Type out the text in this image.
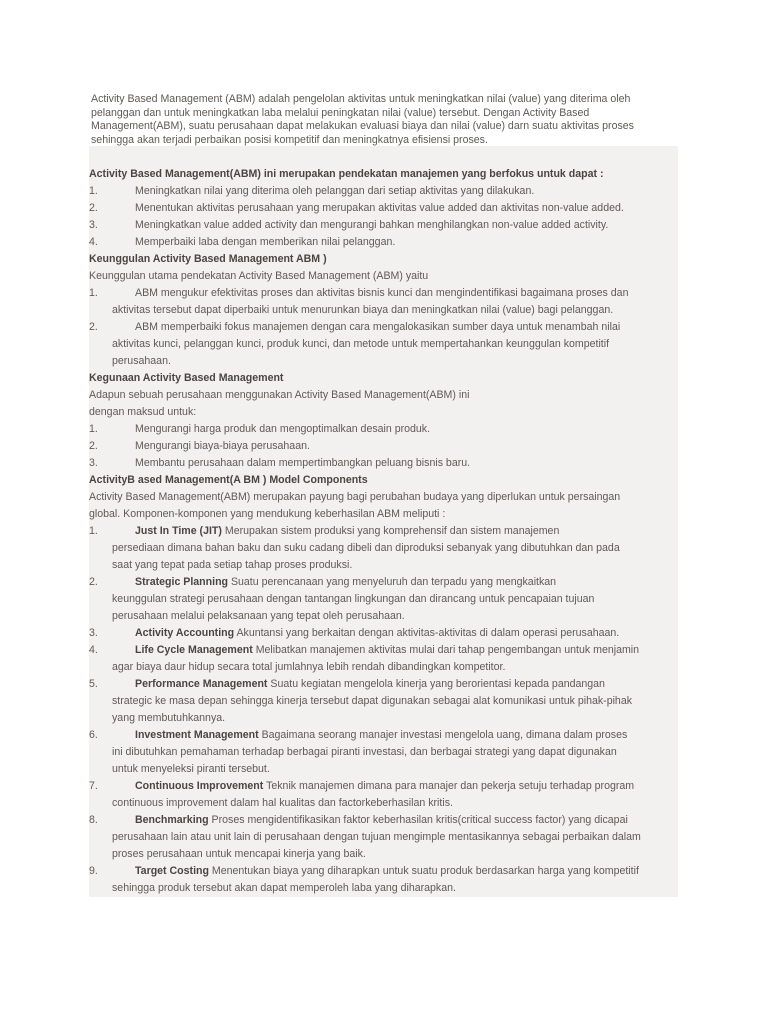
Activity Based Management (ABM) adalah pengelolan aktivitas untuk meningkatkan nilai (value) yang diterima oleh pelanggan dan untuk meningkatkan laba melalui peningkatan nilai (value) tersebut. Dengan Activity Based Management(ABM), suatu perusahaan dapat melakukan evaluasi biaya dan nilai (value) darn suatu aktivitas proses sehingga akan terjadi perbaikan posisi kompetitif dan meningkatnya efisiensi proses.
Activity Based Management(ABM) ini merupakan pendekatan manajemen yang berfokus untuk dapat :
1.	Meningkatkan nilai yang diterima oleh pelanggan dari setiap aktivitas yang dilakukan.
2.	Menentukan aktivitas perusahaan yang merupakan aktivitas value added dan aktivitas non-value added.
3.	Meningkatkan value added activity dan mengurangi bahkan menghilangkan non-value added activity.
4.	Memperbaiki laba dengan memberikan nilai pelanggan.
Keunggulan Activity Based Management ABM )
Keunggulan utama pendekatan Activity Based Management (ABM) yaitu
1.	ABM mengukur efektivitas proses dan aktivitas bisnis kunci dan mengindentifikasi bagaimana proses dan
aktivitas tersebut dapat diperbaiki untuk menurunkan biaya dan meningkatkan nilai (value) bagi pelanggan.
2.	ABM memperbaiki fokus manajemen dengan cara mengalokasikan sumber daya untuk menambah nilai
aktivitas kunci, pelanggan kunci, produk kunci, dan metode untuk mempertahankan keunggulan kompetitif
perusahaan.
Kegunaan Activity Based Management
Adapun sebuah perusahaan menggunakan Activity Based Management(ABM) ini
dengan maksud untuk:
1.	Mengurangi harga produk dan mengoptimalkan desain produk.
2.	Mengurangi biaya-biaya perusahaan.
3.	Membantu perusahaan dalam mempertimbangkan peluang bisnis baru.
ActivityB ased Management(A BM ) Model Components
Activity Based Management(ABM) merupakan payung bagi perubahan budaya yang diperlukan untuk persaingan
global. Komponen-komponen yang mendukung keberhasilan ABM meliputi :
1.	Just In Time (JIT) Merupakan sistem produksi yang komprehensif dan sistem manajemen
persediaan dimana bahan baku dan suku cadang dibeli dan diproduksi sebanyak yang dibutuhkan dan pada
saat yang tepat pada setiap tahap proses produksi.
2.	Strategic Planning Suatu perencanaan yang menyeluruh dan terpadu yang mengkaitkan
keunggulan strategi perusahaan dengan tantangan lingkungan dan dirancang untuk pencapaian tujuan
perusahaan melalui pelaksanaan yang tepat oleh perusahaan.
3.	Activity Accounting Akuntansi yang berkaitan dengan aktivitas-aktivitas di dalam operasi perusahaan.
4.	Life Cycle Management Melibatkan manajemen aktivitas mulai dari tahap pengembangan untuk menjamin
agar biaya daur hidup secara total jumlahnya lebih rendah dibandingkan kompetitor.
5.	Performance Management Suatu kegiatan mengelola kinerja yang berorientasi kepada pandangan
strategic ke masa depan sehingga kinerja tersebut dapat digunakan sebagai alat komunikasi untuk pihak-pihak
yang membutuhkannya.
6.	Investment Management Bagaimana seorang manajer investasi mengelola uang, dimana dalam proses
ini dibutuhkan pemahaman terhadap berbagai piranti investasi, dan berbagai strategi yang dapat digunakan
untuk menyeleksi piranti tersebut.
7.	Continuous Improvement Teknik manajemen dimana para manajer dan pekerja setuju terhadap program
continuous improvement dalam hal kualitas dan factorkeberhasilan kritis.
8.	Benchmarking Proses mengidentifikasikan faktor keberhasilan kritis(critical success factor) yang dicapai
perusahaan lain atau unit lain di perusahaan dengan tujuan mengimple mentasikannya sebagai perbaikan dalam
proses perusahaan untuk mencapai kinerja yang baik.
9.	Target Costing Menentukan biaya yang diharapkan untuk suatu produk berdasarkan harga yang kompetitif
sehingga produk tersebut akan dapat memperoleh laba yang diharapkan.
